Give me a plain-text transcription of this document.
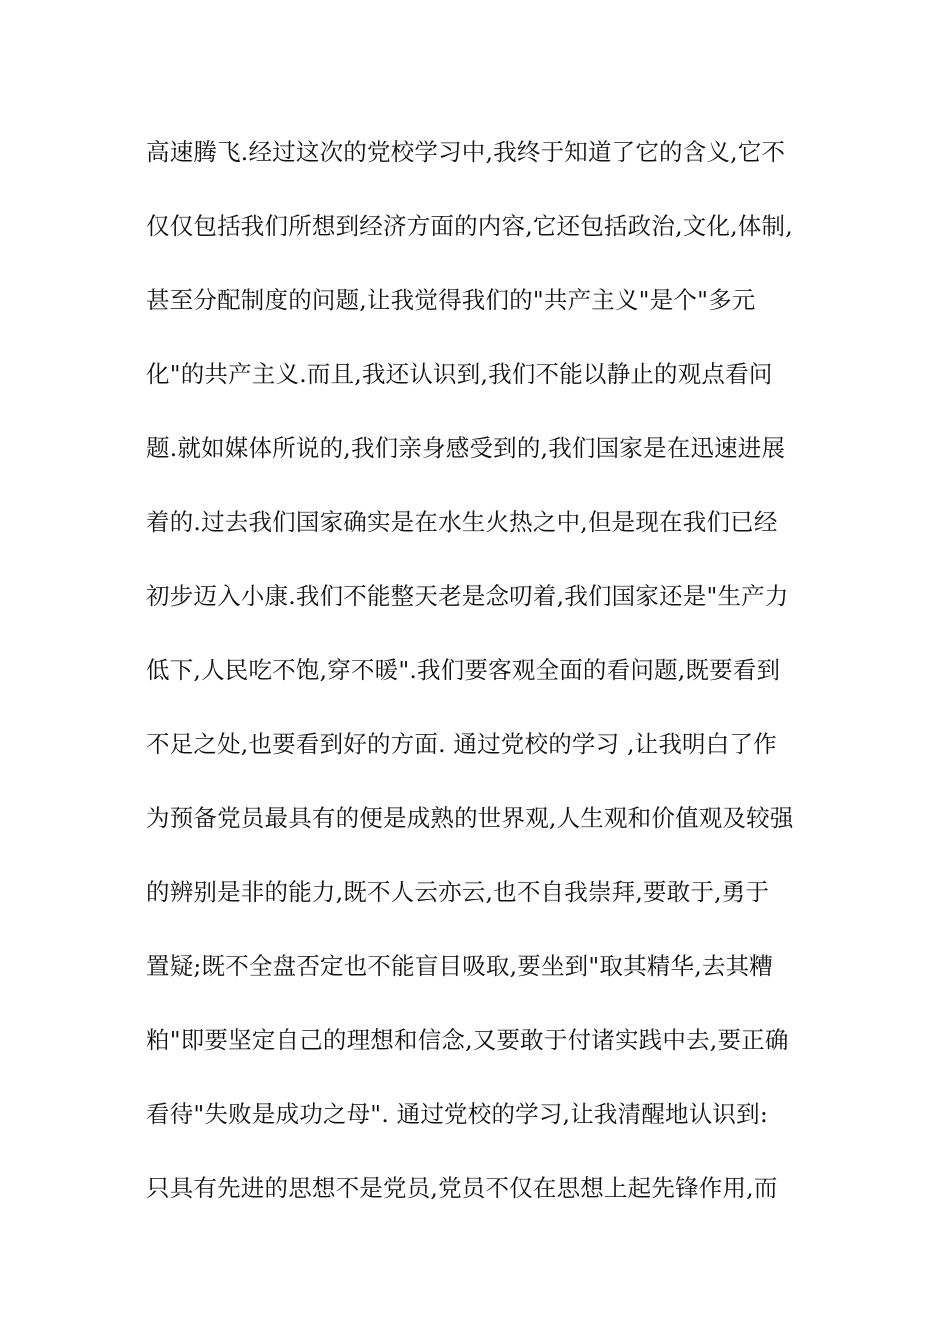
高速腾飞.经过这次的党校学习中,我终于知道了它的含义,它不
仅仅包括我们所想到经济方面的内容,它还包括政治,文化,体制,
甚至分配制度的问题,让我觉得我们的"共产主义"是个"多元
化"的共产主义.而且,我还认识到,我们不能以静止的观点看问
题.就如媒体所说的,我们亲身感受到的,我们国家是在迅速进展
着的.过去我们国家确实是在水生火热之中,但是现在我们已经
初步迈入小康.我们不能整天老是念叨着,我们国家还是"生产力
低下,人民吃不饱,穿不暖".我们要客观全面的看问题,既要看到
不足之处,也要看到好的方面. 通过党校的学习 ,让我明白了作
为预备党员最具有的便是成熟的世界观,人生观和价值观及较强
的辨别是非的能力,既不人云亦云,也不自我崇拜,要敢于,勇于
置疑;既不全盘否定也不能盲目吸取,要坐到"取其精华,去其糟
粕"即要坚定自己的理想和信念,又要敢于付诸实践中去,要正确
看待"失败是成功之母". 通过党校的学习,让我清醒地认识到:
只具有先进的思想不是党员,党员不仅在思想上起先锋作用,而
